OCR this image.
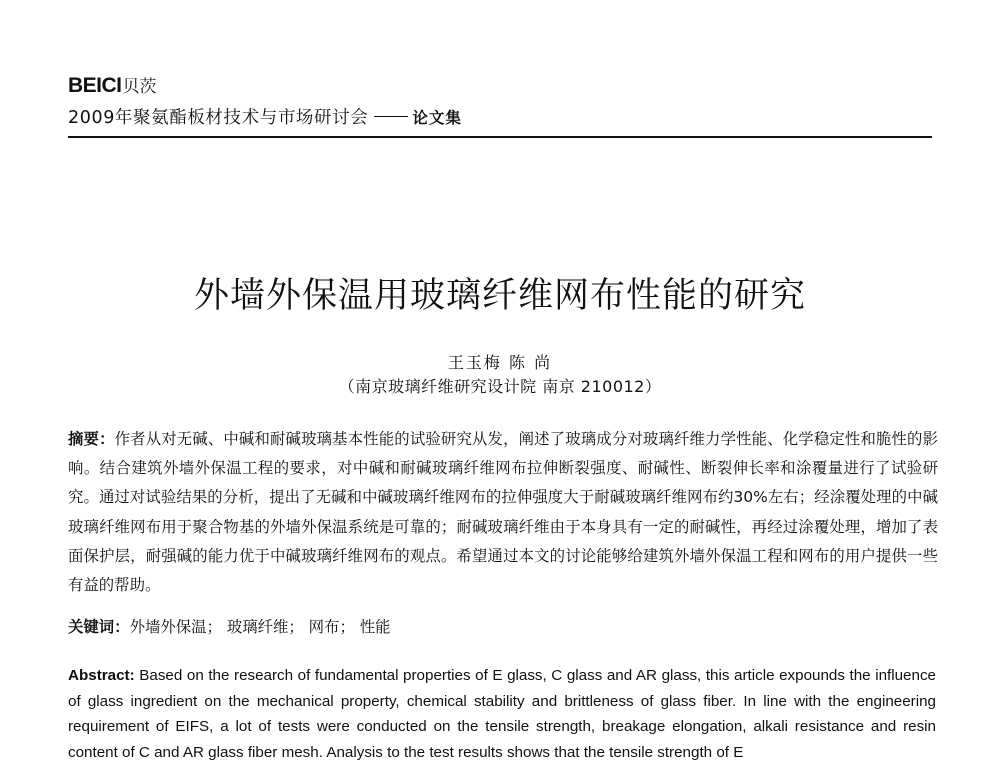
BEICI 贝茨
2009年聚氨酯板材技术与市场研讨会	论文集
外墙外保温用玻璃纤维网布性能的研究
王玉梅 陈 尚
（南京玻璃纤维研究设计院 南京 210012）
摘要：作者从对无碱、中碱和耐碱玻璃基本性能的试验研究从发，阐述了玻璃成分对玻璃纤维力学性能、化学稳定性和脆性的影响。结合建筑外墙外保温工程的要求，对中碱和耐碱玻璃纤维网布拉伸断裂强度、耐碱性、断裂伸长率和涂覆量进行了试验研究。通过对试验结果的分析，提出了无碱和中碱玻璃纤维网布的拉伸强度大于耐碱玻璃纤维网布约30%左右；经涂覆处理的中碱玻璃纤维网布用于聚合物基的外墙外保温系统是可靠的；耐碱玻璃纤维由于本身具有一定的耐碱性，再经过涂覆处理，增加了表面保护层，耐强碱的能力优于中碱玻璃纤维网布的观点。希望通过本文的讨论能够给建筑外墙外保温工程和网布的用户提供一些有益的帮助。
关键词：外墙外保温； 玻璃纤维； 网布； 性能
Abstract: Based on the research of fundamental properties of E glass, C glass and AR glass, this article expounds the influence of glass ingredient on the mechanical property, chemical stability and brittleness of glass fiber. In line with the engineering requirement of EIFS, a lot of tests were conducted on the tensile strength, breakage elongation, alkali resistance and resin content of C and AR glass fiber mesh. Analysis to the test results shows that the tensile strength of E
